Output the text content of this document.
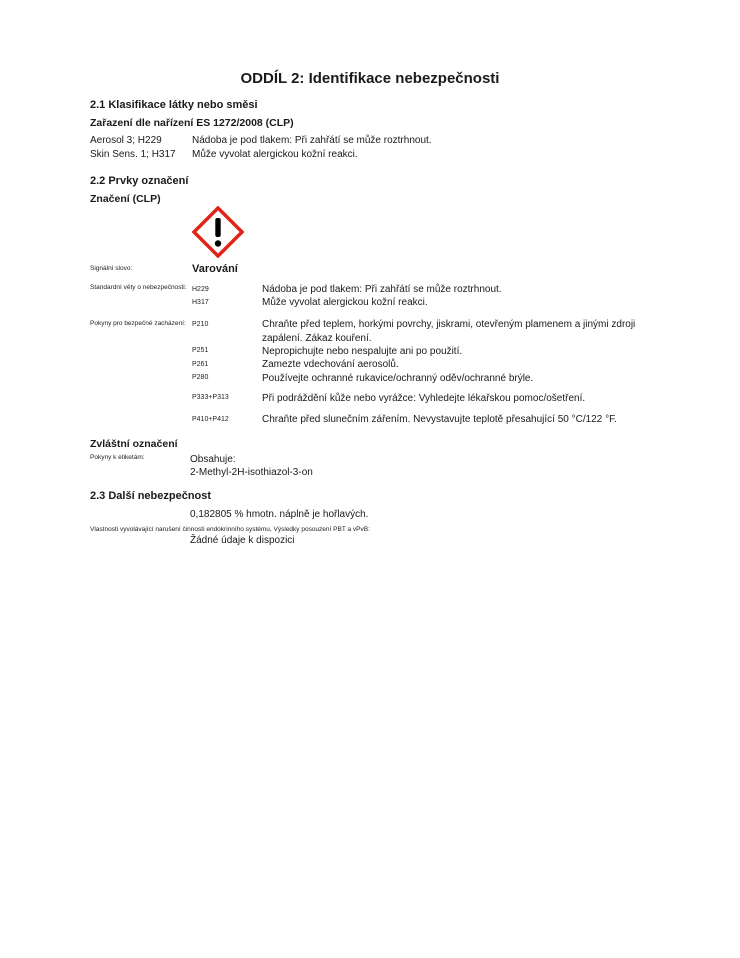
ODDÍL 2: Identifikace nebezpečnosti
2.1 Klasifikace látky nebo směsi
Zařazení dle nařízení ES 1272/2008 (CLP)
Aerosol 3; H229	Nádoba je pod tlakem: Při zahřátí se může roztrhnout.
Skin Sens. 1; H317 Může vyvolat alergickou kožní reakci.
2.2 Prvky označení
Značení (CLP)
Signální slovo:	Varování
Standardní věty o nebezpečnosti: H229	Nádoba je pod tlakem: Při zahřátí se může roztrhnout.
H317	Může vyvolat alergickou kožní reakci.
Pokyny pro bezpečné zacházení: P210	Chraňte před teplem, horkými povrchy, jiskrami, otevřeným plamenem a jinými zdroji zapálení. Zákaz kouření.
P251	Nepropichujte nebo nespalujte ani po použití.
P261	Zamezte vdechování aerosolů.
P280	Používejte ochranné rukavice/ochranný oděv/ochranné brýle.
P333+P313	Při podráždění kůže nebo vyrážce: Vyhledejte lékařskou pomoc/ošetření.
P410+P412	Chraňte před slunečním zářením. Nevystavujte teplotě přesahující 50 °C/122 °F.
Zvláštní označení
Pokyny k etiketám:	Obsahuje:
2-Methyl-2H-isothiazol-3-on
2.3 Další nebezpečnost
0,182805 % hmotn. náplně je hořlavých.
Vlastnosti vyvolávající narušení činnosti endokrinního systému, Výsledky posouzení PBT a vPvB:
Žádné údaje k dispozici
